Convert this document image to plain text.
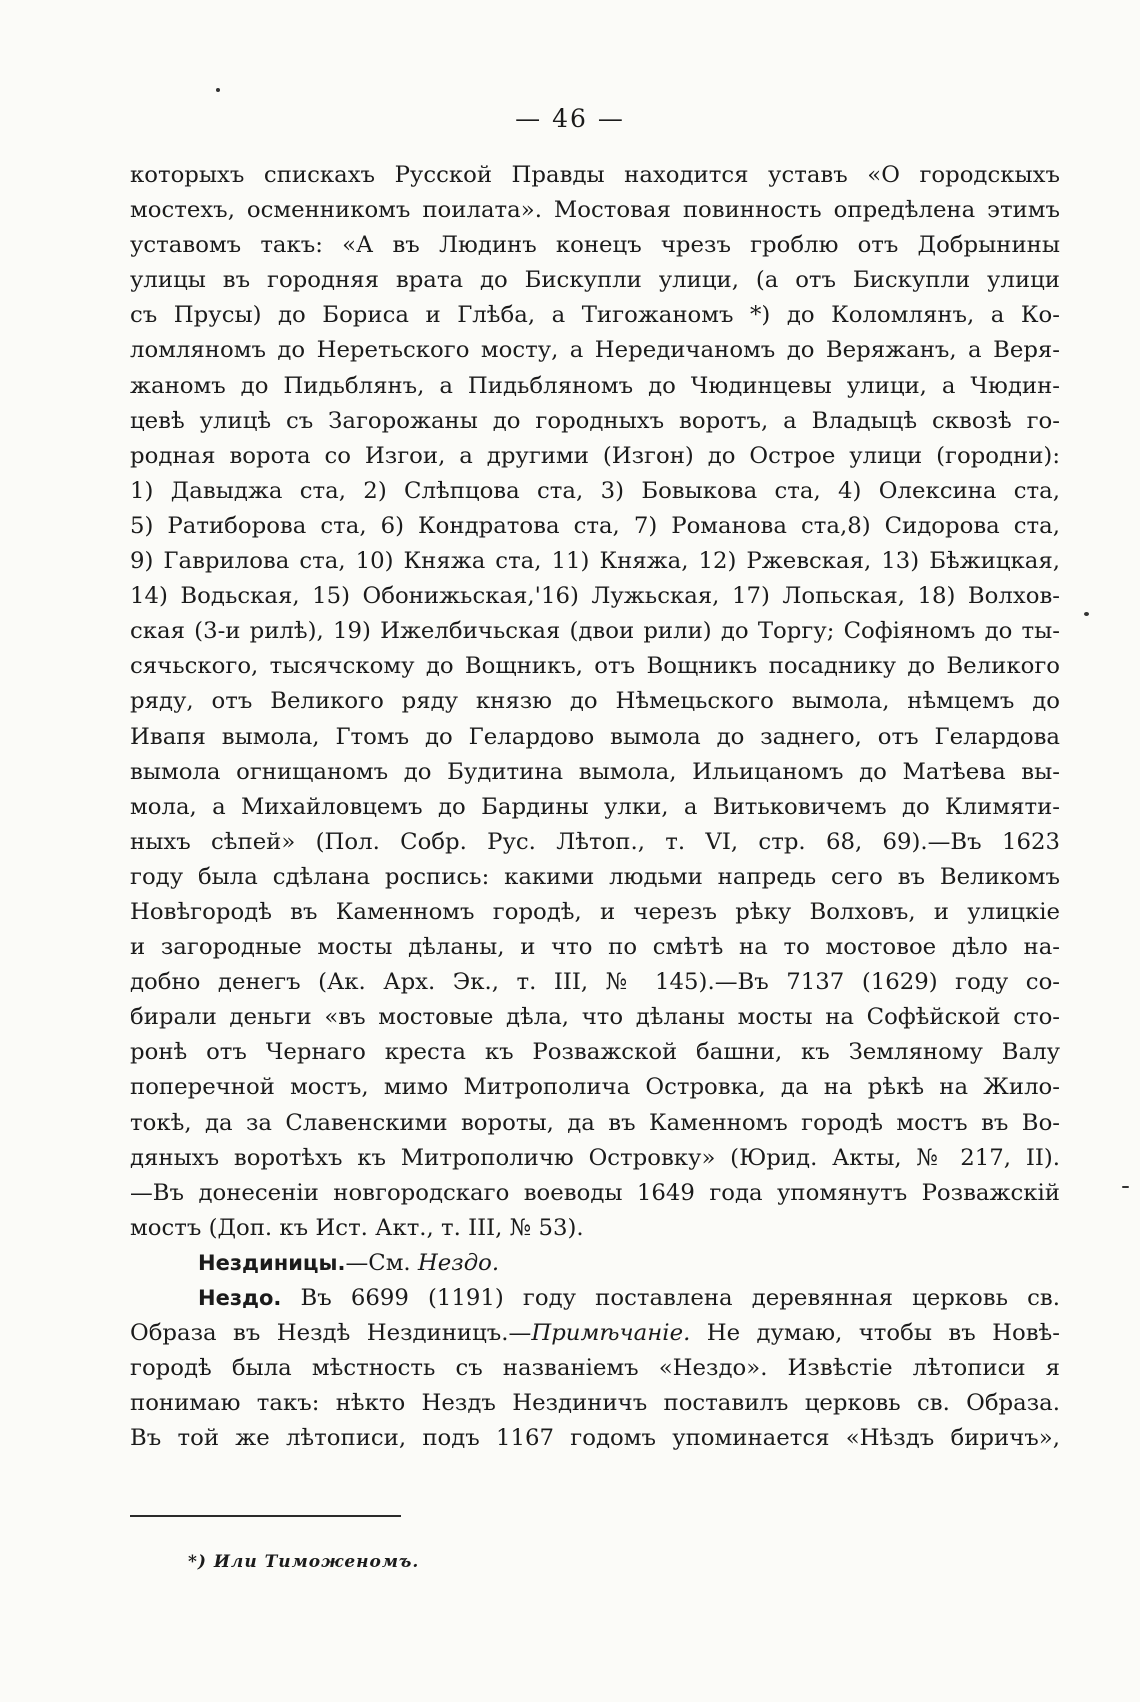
— 46 —
которыхъ спискахъ Русской Правды находится уставъ «О городскыхъ
мостехъ, осменникомъ поилата». Мостовая повинность опредѣлена этимъ
уставомъ такъ: «А въ Людинъ конецъ чрезъ гроблю отъ Добрынины
улицы въ городняя врата до Бискупли улици, (а отъ Бискупли улици
съ Прусы) до Бориса и Глѣба, а Тигожаномъ *) до Коломлянъ, а Ко-
ломляномъ до Неретьского мосту, а Нередичаномъ до Веряжанъ, а Веря-
жаномъ до Пидьблянъ, а Пидьбляномъ до Чюдинцевы улици, а Чюдин-
цевѣ улицѣ съ Загорожаны до городныхъ воротъ, а Владыцѣ сквозѣ го-
родная ворота со Изгои, а другими (Изгон) до Острое улици (городни):
1) Давыджа ста, 2) Слѣпцова ста, 3) Бовыкова ста, 4) Олексина ста,
5) Ратиборова ста, 6) Кондратова ста, 7) Романова ста,8) Сидорова ста,
9) Гаврилова ста, 10) Княжа ста, 11) Княжа, 12) Ржевская, 13) Бѣжицкая,
14) Водьская, 15) Обонижьская,'16) Лужьская, 17) Лопьская, 18) Волхов-
ская (3-и рилѣ), 19) Ижелбичьская (двои рили) до Торгу; Софіяномъ до ты-
сячьского, тысячскому до Вощникъ, отъ Вощникъ посаднику до Великого
ряду, отъ Великого ряду князю до Нѣмецьского вымола, нѣмцемъ до
Ивапя вымола, Гтомъ до Гелардово вымола до заднего, отъ Гелардова
вымола огнищаномъ до Будитина вымола, Ильицаномъ до Матѣева вы-
мола, а Михайловцемъ до Бардины улки, а Витьковичемъ до Климяти-
ныхъ сѣпей» (Пол. Собр. Рус. Лѣтоп., т. VI, стр. 68, 69).—Въ 1623
году была сдѣлана роспись: какими людьми напредь сего въ Великомъ
Новѣгородѣ въ Каменномъ городѣ, и черезъ рѣку Волховъ, и улицкіе
и загородные мосты дѣланы, и что по смѣтѣ на то мостовое дѣло на-
добно денегъ (Ак. Арх. Эк., т. III, № 145).—Въ 7137 (1629) году со-
бирали деньги «въ мостовые дѣла, что дѣланы мосты на Софѣйской сто-
ронѣ отъ Чернаго креста къ Розважской башни, къ Земляному Валу
поперечной мостъ, мимо Митрополича Островка, да на рѣкѣ на Жило-
токѣ, да за Славенскими вороты, да въ Каменномъ городѣ мостъ въ Во-
дяныхъ воротѣхъ къ Митрополичю Островку» (Юрид. Акты, № 217, II).
—Въ донесеніи новгородскаго воеводы 1649 года упомянутъ Розважскій
мостъ (Доп. къ Ист. Акт., т. III, № 53).
Нездиницы.—См. Нездо.
Нездо. Въ 6699 (1191) году поставлена деревянная церковь св.
Образа въ Нездѣ Нездиницъ.—Примѣчаніе. Не думаю, чтобы въ Новѣ-
городѣ была мѣстность съ названіемъ «Нездо». Извѣстіе лѣтописи я
понимаю такъ: нѣкто Нездъ Нездиничъ поставилъ церковь св. Образа.
Въ той же лѣтописи, подъ 1167 годомъ упоминается «Нѣздъ биричъ»,
*) Или Тиможеномъ.
